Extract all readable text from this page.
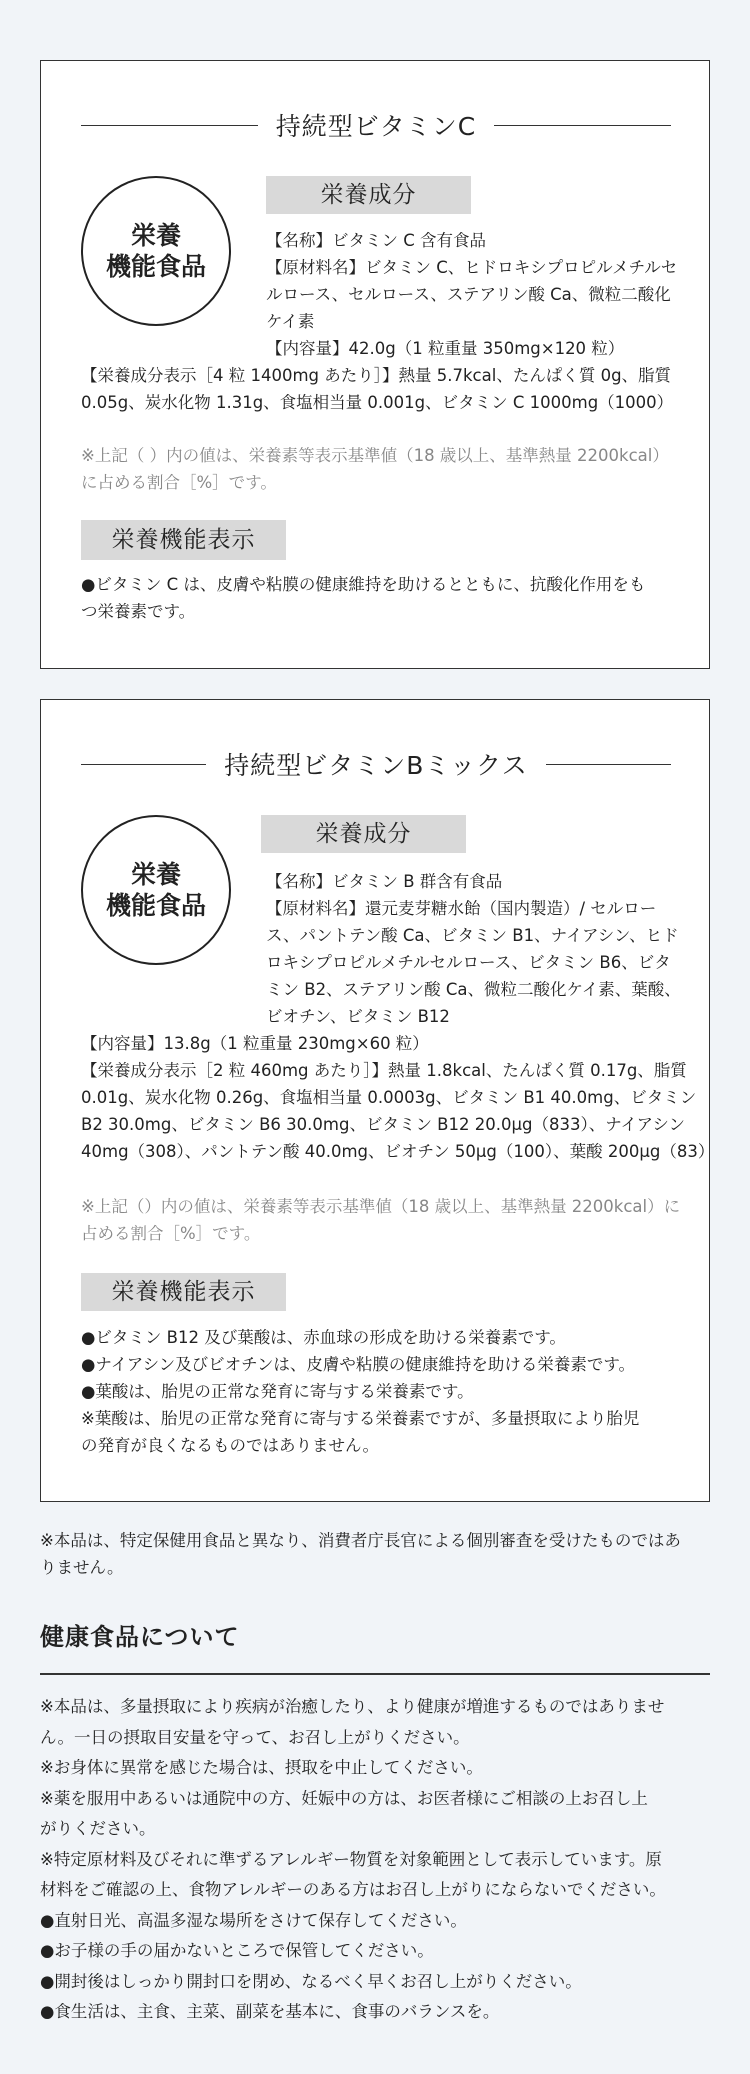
持続型ビタミンC
栄養
機能食品
栄養成分
【名称】ビタミン C 含有食品
【原材料名】ビタミン C、ヒドロキシプロピルメチルセ
ルロース、セルロース、ステアリン酸 Ca、微粒二酸化
ケイ素
【内容量】42.0g（1 粒重量 350mg×120 粒）
【栄養成分表示［4 粒 1400mg あたり］】熱量 5.7kcal、たんぱく質 0g、脂質
0.05g、炭水化物 1.31g、食塩相当量 0.001g、ビタミン C 1000mg（1000）
※上記（ ）内の値は、栄養素等表示基準値（18 歳以上、基準熱量 2200kcal）
に占める割合［%］です。
栄養機能表示
●ビタミン C は、皮膚や粘膜の健康維持を助けるとともに、抗酸化作用をも
つ栄養素です。
持続型ビタミンBミックス
栄養
機能食品
栄養成分
【名称】ビタミン B 群含有食品
【原材料名】還元麦芽糖水飴（国内製造）/ セルロー
ス、パントテン酸 Ca、ビタミン B1、ナイアシン、ヒド
ロキシプロピルメチルセルロース、ビタミン B6、ビタ
ミン B2、ステアリン酸 Ca、微粒二酸化ケイ素、葉酸、
ビオチン、ビタミン B12
【内容量】13.8g（1 粒重量 230mg×60 粒）
【栄養成分表示［2 粒 460mg あたり］】熱量 1.8kcal、たんぱく質 0.17g、脂質
0.01g、炭水化物 0.26g、食塩相当量 0.0003g、ビタミン B1 40.0mg、ビタミン
B2 30.0mg、ビタミン B6 30.0mg、ビタミン B12 20.0μg（833）、ナイアシン
40mg（308）、パントテン酸 40.0mg、ビオチン 50μg（100）、葉酸 200μg（83）
※上記（）内の値は、栄養素等表示基準値（18 歳以上、基準熱量 2200kcal）に
占める割合［%］です。
栄養機能表示
●ビタミン B12 及び葉酸は、赤血球の形成を助ける栄養素です。
●ナイアシン及びビオチンは、皮膚や粘膜の健康維持を助ける栄養素です。
●葉酸は、胎児の正常な発育に寄与する栄養素です。
※葉酸は、胎児の正常な発育に寄与する栄養素ですが、多量摂取により胎児
の発育が良くなるものではありません。
※本品は、特定保健用食品と異なり、消費者庁長官による個別審査を受けたものではあ
りません。
健康食品について
※本品は、多量摂取により疾病が治癒したり、より健康が増進するものではありませ
ん。一日の摂取目安量を守って、お召し上がりください。
※お身体に異常を感じた場合は、摂取を中止してください。
※薬を服用中あるいは通院中の方、妊娠中の方は、お医者様にご相談の上お召し上
がりください。
※特定原材料及びそれに準ずるアレルギー物質を対象範囲として表示しています。原
材料をご確認の上、食物アレルギーのある方はお召し上がりにならないでください。
●直射日光、高温多湿な場所をさけて保存してください。
●お子様の手の届かないところで保管してください。
●開封後はしっかり開封口を閉め、なるべく早くお召し上がりください。
●食生活は、主食、主菜、副菜を基本に、食事のバランスを。
